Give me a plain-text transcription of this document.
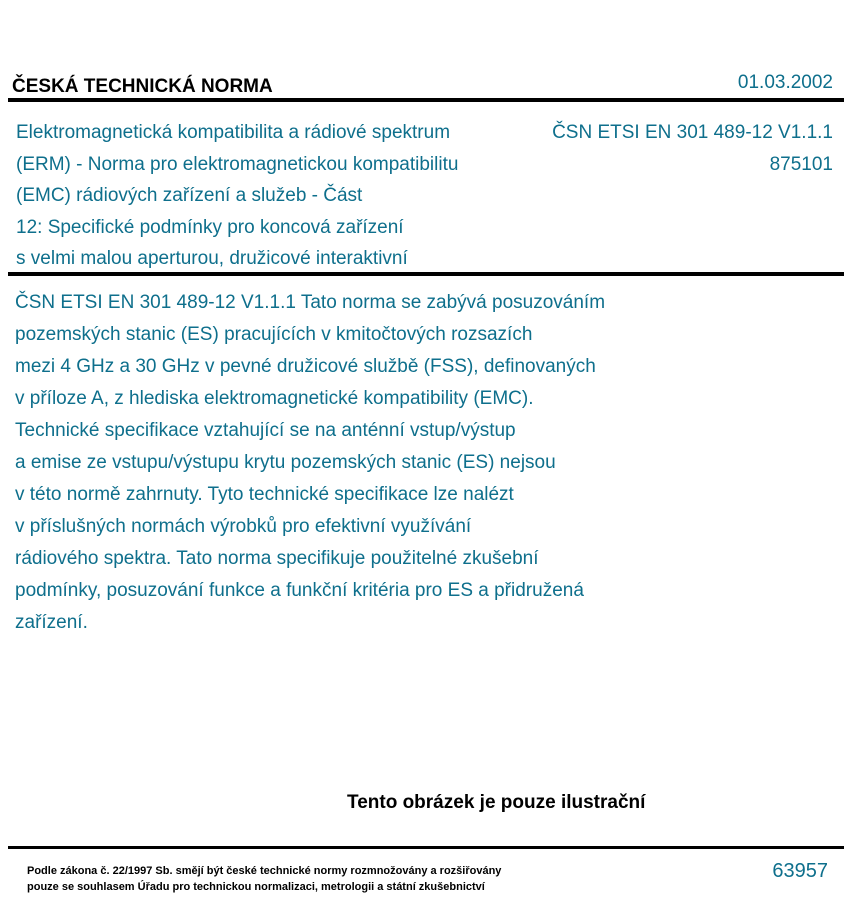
ČESKÁ TECHNICKÁ NORMA	01.03.2002
Elektromagnetická kompatibilita a rádiové spektrum
(ERM) - Norma pro elektromagnetickou kompatibilitu
(EMC) rádiových zařízení a služeb - Část
12: Specifické podmínky pro koncová zařízení
s velmi malou aperturou, družicové interaktivní
ČSN ETSI EN 301 489-12 V1.1.1
875101
ČSN ETSI EN 301 489-12 V1.1.1 Tato norma se zabývá posuzováním
pozemských stanic (ES) pracujících v kmitočtových rozsazích
mezi 4 GHz a 30 GHz v pevné družicové službě (FSS), definovaných
v příloze A, z hlediska elektromagnetické kompatibility (EMC).
Technické specifikace vztahující se na anténní vstup/výstup
a emise ze vstupu/výstupu krytu pozemských stanic (ES) nejsou
v této normě zahrnuty. Tyto technické specifikace lze nalézt
v příslušných normách výrobků pro efektivní využívání
rádiového spektra. Tato norma specifikuje použitelné zkušební
podmínky, posuzování funkce a funkční kritéria pro ES a přidružená
zařízení.
Tento obrázek je pouze ilustrační
Podle zákona č. 22/1997 Sb. smějí být české technické normy rozmnožovány a rozšiřovány
pouze se souhlasem Úřadu pro technickou normalizaci, metrologii a státní zkušebnictví
63957
